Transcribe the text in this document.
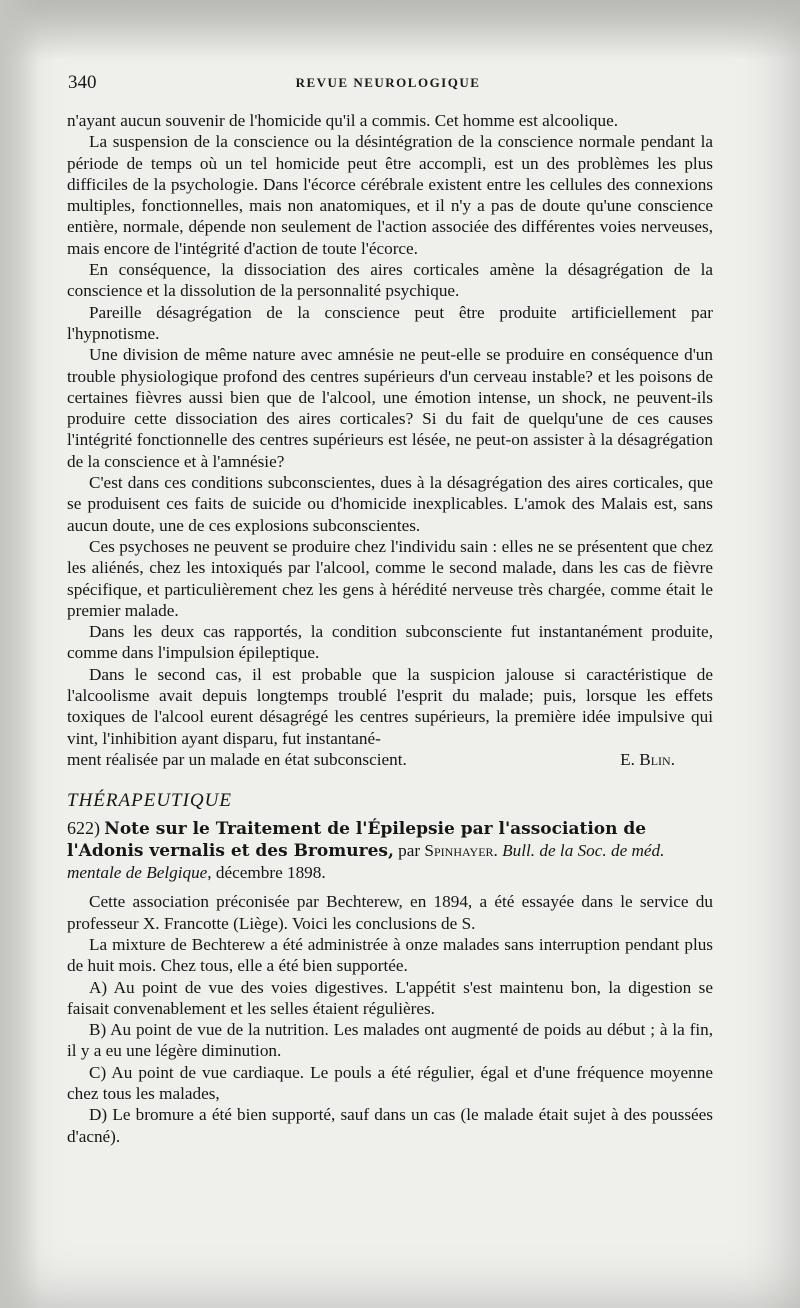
340	REVUE NEUROLOGIQUE

n'ayant aucun souvenir de l'homicide qu'il a commis. Cet homme est alcoolique.

La suspension de la conscience ou la désintégration de la conscience normale pendant la période de temps où un tel homicide peut être accompli, est un des problèmes les plus difficiles de la psychologie. Dans l'écorce cérébrale existent entre les cellules des connexions multiples, fonctionnelles, mais non anatomiques, et il n'y a pas de doute qu'une conscience entière, normale, dépende non seulement de l'action associée des différentes voies nerveuses, mais encore de l'intégrité d'action de toute l'écorce.

En conséquence, la dissociation des aires corticales amène la désagrégation de la conscience et la dissolution de la personnalité psychique.

Pareille désagrégation de la conscience peut être produite artificiellement par l'hypnotisme.

Une division de même nature avec amnésie ne peut-elle se produire en conséquence d'un trouble physiologique profond des centres supérieurs d'un cerveau instable? et les poisons de certaines fièvres aussi bien que de l'alcool, une émotion intense, un shock, ne peuvent-ils produire cette dissociation des aires corticales? Si du fait de quelqu'une de ces causes l'intégrité fonctionnelle des centres supérieurs est lésée, ne peut-on assister à la désagrégation de la conscience et à l'amnésie?

C'est dans ces conditions subconscientes, dues à la désagrégation des aires corticales, que se produisent ces faits de suicide ou d'homicide inexplicables. L'amok des Malais est, sans aucun doute, une de ces explosions subconscientes.

Ces psychoses ne peuvent se produire chez l'individu sain : elles ne se présentent que chez les aliénés, chez les intoxiqués par l'alcool, comme le second malade, dans les cas de fièvre spécifique, et particulièrement chez les gens à hérédité nerveuse très chargée, comme était le premier malade.

Dans les deux cas rapportés, la condition subconsciente fut instantanément produite, comme dans l'impulsion épileptique.

Dans le second cas, il est probable que la suspicion jalouse si caractéristique de l'alcoolisme avait depuis longtemps troublé l'esprit du malade; puis, lorsque les effets toxiques de l'alcool eurent désagrégé les centres supérieurs, la première idée impulsive qui vint, l'inhibition ayant disparu, fut instantané-

ment réalisée par un malade en état subconscient.	E. Blin.

THÉRAPEUTIQUE

622) Note sur le Traitement de l'Épilepsie par l'association de l'Adonis vernalis et des Bromures, par Spinhayer. Bull. de la Soc. de méd. mentale de Belgique, décembre 1898.

Cette association préconisée par Bechterew, en 1894, a été essayée dans le service du professeur X. Francotte (Liège). Voici les conclusions de S.

La mixture de Bechterew a été administrée à onze malades sans interruption pendant plus de huit mois. Chez tous, elle a été bien supportée.

A) Au point de vue des voies digestives. L'appétit s'est maintenu bon, la digestion se faisait convenablement et les selles étaient régulières.

B) Au point de vue de la nutrition. Les malades ont augmenté de poids au début ; à la fin, il y a eu une légère diminution.

C) Au point de vue cardiaque. Le pouls a été régulier, égal et d'une fréquence moyenne chez tous les malades,

D) Le bromure a été bien supporté, sauf dans un cas (le malade était sujet à des poussées d'acné).
